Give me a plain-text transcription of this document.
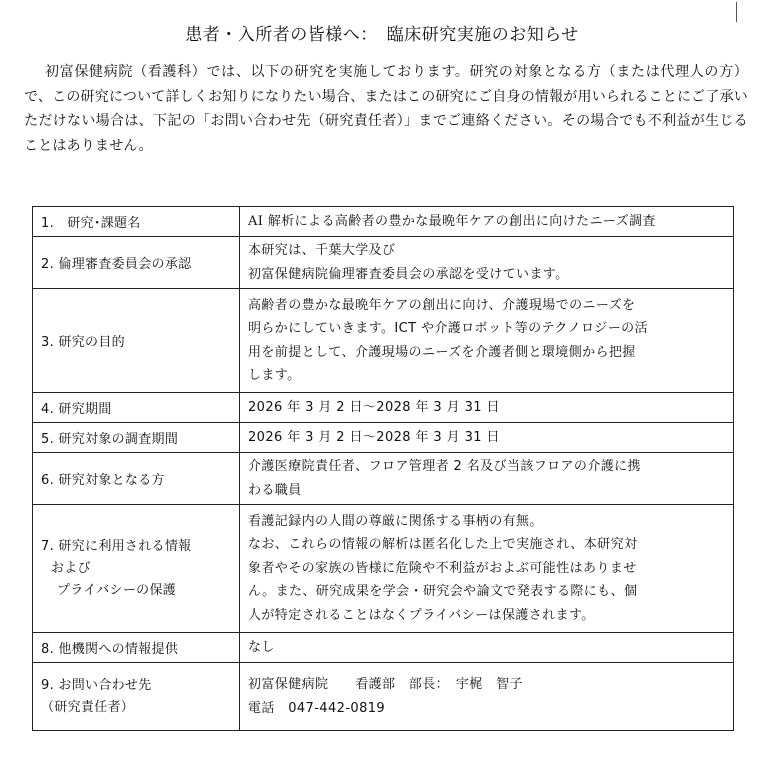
患者・入所者の皆様へ：　臨床研究実施のお知らせ
初富保健病院（看護科）では、以下の研究を実施しております。研究の対象となる方（または代理人の方）で、この研究について詳しくお知りになりたい場合、またはこの研究にご自身の情報が用いられることにご了承いただけない場合は、下記の「お問い合わせ先（研究責任者）」までご連絡ください。その場合でも不利益が生じることはありません。
1.　研究･課題名	AI 解析による高齢者の豊かな最晩年ケアの創出に向けたニーズ調査
2. 倫理審査委員会の承認	本研究は、千葉大学及び
初富保健病院倫理審査委員会の承認を受けています。

3. 研究の目的	高齢者の豊かな最晩年ケアの創出に向け、介護現場でのニーズを
明らかにしていきます。ICT や介護ロボット等のテクノロジーの活
用を前提として、介護現場のニーズを介護者側と環境側から把握
します。

4. 研究期間	2026 年 3 月 2 日～2028 年 3 月 31 日
5. 研究対象の調査期間	2026 年 3 月 2 日～2028 年 3 月 31 日
6. 研究対象となる方	介護医療院責任者、フロア管理者 2 名及び当該フロアの介護に携
わる職員

7. 研究に利用される情報
および
プライバシーの保護	看護記録内の人間の尊厳に関係する事柄の有無。
なお、これらの情報の解析は匿名化した上で実施され、本研究対
象者やその家族の皆様に危険や不利益がおよぶ可能性はありませ
ん。また、研究成果を学会・研究会や論文で発表する際にも、個
人が特定されることはなくプライバシーは保護されます。

8. 他機関への情報提供	なし

9. お問い合わせ先
（研究責任者）	初富保健病院　　看護部　部長：　宇梶　智子
電話　047-442-0819
